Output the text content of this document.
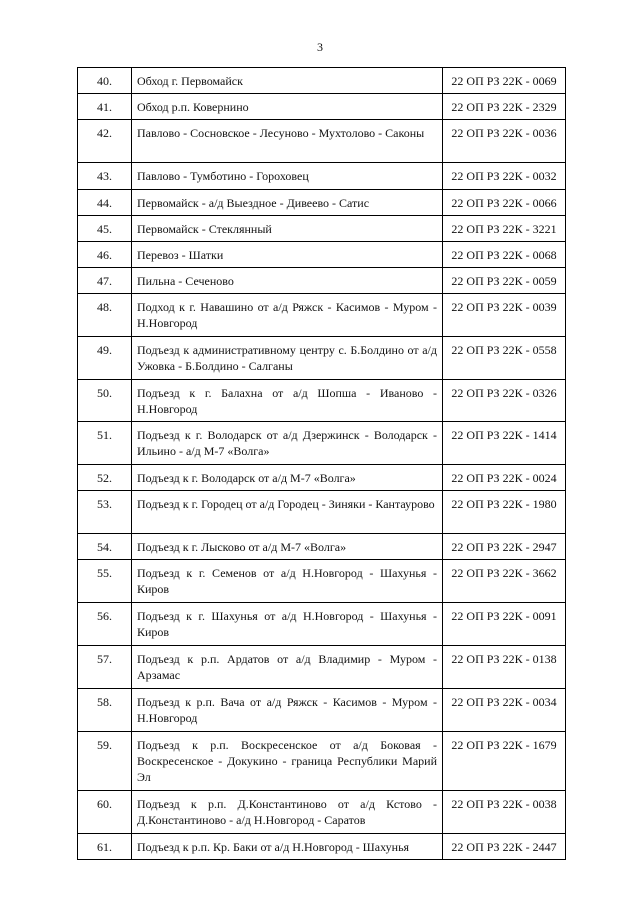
3
40.	Обход г. Первомайск	22 ОП РЗ 22К - 0069
41.	Обход р.п. Ковернино	22 ОП РЗ 22К - 2329
42.	Павлово - Сосновское - Лесуново - Мухтолово - Саконы	22 ОП РЗ 22К - 0036
43.	Павлово - Тумботино - Гороховец	22 ОП РЗ 22К - 0032
44.	Первомайск - а/д Выездное - Дивеево - Сатис	22 ОП РЗ 22К - 0066
45.	Первомайск - Стеклянный	22 ОП РЗ 22К - 3221
46.	Перевоз - Шатки	22 ОП РЗ 22К - 0068
47.	Пильна - Сеченово	22 ОП РЗ 22К - 0059
48.	Подход к г. Навашино от а/д Ряжск - Касимов - Муром - Н.Новгород	22 ОП РЗ 22К - 0039
49.	Подъезд к административному центру с. Б.Болдино от а/д Ужовка - Б.Болдино - Салганы	22 ОП РЗ 22К - 0558
50.	Подъезд к г. Балахна от а/д Шопша - Иваново - Н.Новгород	22 ОП РЗ 22К - 0326
51.	Подъезд к г. Володарск от а/д Дзержинск - Володарск - Ильино - а/д М-7 «Волга»	22 ОП РЗ 22К - 1414
52.	Подъезд к г. Володарск от а/д М-7 «Волга»	22 ОП РЗ 22К - 0024
53.	Подъезд к г. Городец от а/д Городец - Зиняки - Кантаурово	22 ОП РЗ 22К - 1980
54.	Подъезд к г. Лысково от а/д М-7 «Волга»	22 ОП РЗ 22К - 2947
55.	Подъезд к г. Семенов от а/д Н.Новгород - Шахунья - Киров	22 ОП РЗ 22К - 3662
56.	Подъезд к г. Шахунья от а/д Н.Новгород - Шахунья - Киров	22 ОП РЗ 22К - 0091
57.	Подъезд к р.п. Ардатов от а/д Владимир - Муром - Арзамас	22 ОП РЗ 22К - 0138
58.	Подъезд к р.п. Вача от а/д Ряжск - Касимов - Муром - Н.Новгород	22 ОП РЗ 22К - 0034
59.	Подъезд к р.п. Воскресенское от а/д Боковая - Воскресенское - Докукино - граница Республики Марий Эл	22 ОП РЗ 22К - 1679
60.	Подъезд к р.п. Д.Константиново от а/д Кстово - Д.Константиново - а/д Н.Новгород - Саратов	22 ОП РЗ 22К - 0038
61.	Подъезд к р.п. Кр. Баки от а/д Н.Новгород - Шахунья	22 ОП РЗ 22К - 2447
